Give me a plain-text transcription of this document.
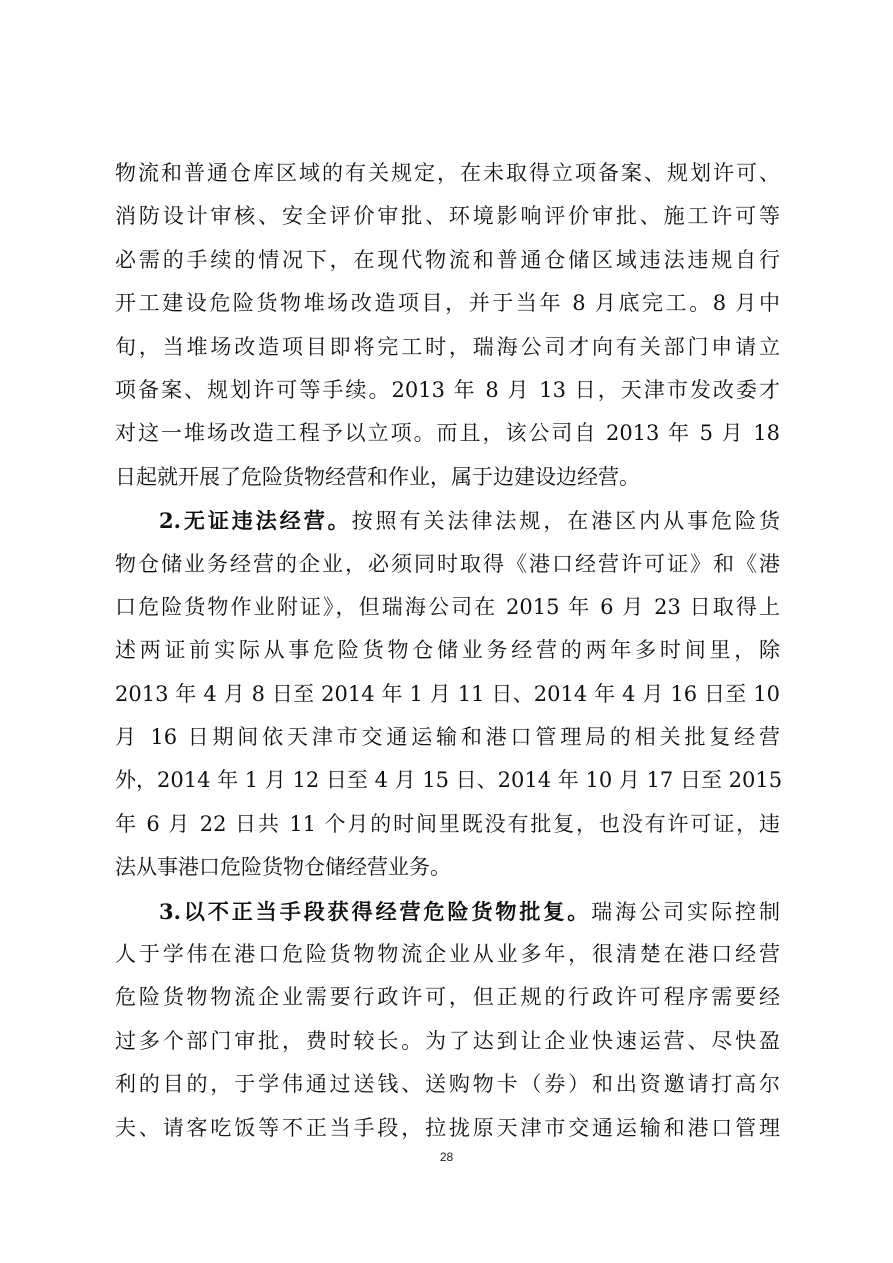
物流和普通仓库区域的有关规定，在未取得立项备案、规划许可、
消防设计审核、安全评价审批、环境影响评价审批、施工许可等
必需的手续的情况下，在现代物流和普通仓储区域违法违规自行
开工建设危险货物堆场改造项目，并于当年 8 月底完工。8 月中
旬，当堆场改造项目即将完工时，瑞海公司才向有关部门申请立
项备案、规划许可等手续。2013 年 8 月 13 日，天津市发改委才
对这一堆场改造工程予以立项。而且，该公司自 2013 年 5 月 18
日起就开展了危险货物经营和作业，属于边建设边经营。
2.无证违法经营。按照有关法律法规，在港区内从事危险货
物仓储业务经营的企业，必须同时取得《港口经营许可证》和《港
口危险货物作业附证》，但瑞海公司在 2015 年 6 月 23 日取得上
述两证前实际从事危险货物仓储业务经营的两年多时间里，除
2013 年 4 月 8 日至 2014 年 1 月 11 日、2014 年 4 月 16 日至 10
月 16 日期间依天津市交通运输和港口管理局的相关批复经营
外，2014 年 1 月 12 日至 4 月 15 日、2014 年 10 月 17 日至 2015
年 6 月 22 日共 11 个月的时间里既没有批复，也没有许可证，违
法从事港口危险货物仓储经营业务。
3.以不正当手段获得经营危险货物批复。瑞海公司实际控制
人于学伟在港口危险货物物流企业从业多年，很清楚在港口经营
危险货物物流企业需要行政许可，但正规的行政许可程序需要经
过多个部门审批，费时较长。为了达到让企业快速运营、尽快盈
利的目的，于学伟通过送钱、送购物卡（券）和出资邀请打高尔
夫、请客吃饭等不正当手段，拉拢原天津市交通运输和港口管理
28
